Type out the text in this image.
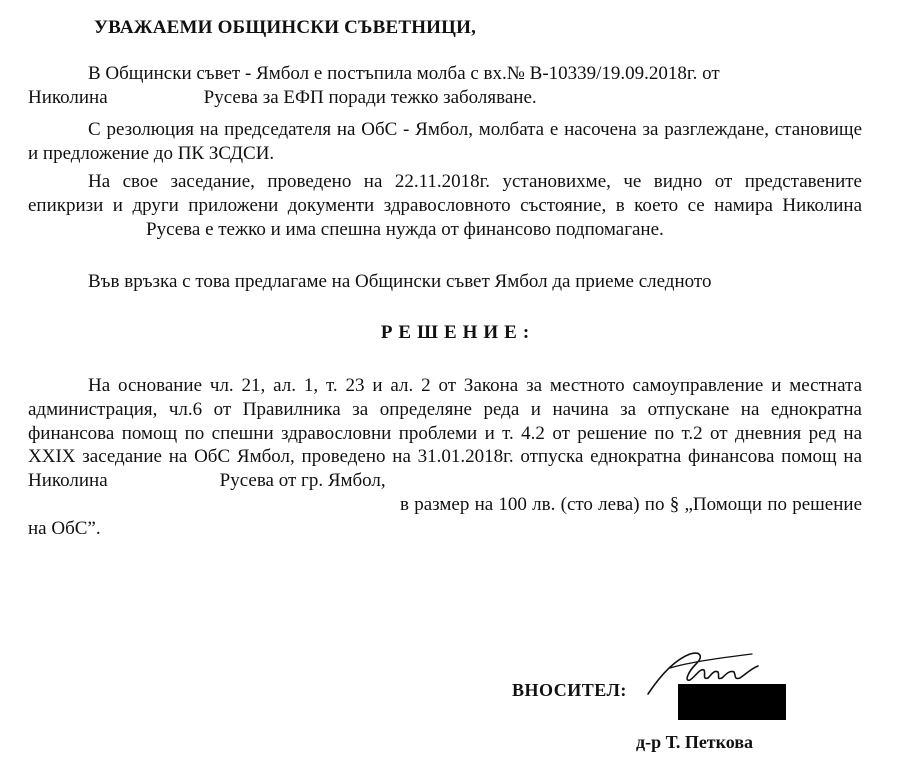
УВАЖАЕМИ ОБЩИНСКИ СЪВЕТНИЦИ,
В Общински съвет - Ямбол е постъпила молба с вх.№ В-10339/19.09.2018г. от
Николина	Русева за ЕФП поради тежко заболяване.
С резолюция на председателя на ОбС - Ямбол, молбата е насочена за разглеждане, становище и предложение до ПК ЗСДСИ.
На свое заседание, проведено на 22.11.2018г. установихме, че видно от представените епикризи и други приложени документи здравословното състояние, в което се намира НиколинаРусева е тежко и има спешна нужда от финансово подпомагане.
Във връзка с това предлагаме на Общински съвет Ямбол да приеме следното
РЕШЕНИЕ:
На основание чл. 21, ал. 1, т. 23 и ал. 2 от Закона за местното самоуправление и местната администрация, чл.6 от Правилника за определяне реда и начина за отпускане на еднократна финансова помощ по спешни здравословни проблеми и т. 4.2 от решение по т.2 от дневния ред на XXIX заседание на ОбС Ямбол, проведено на 31.01.2018г. отпуска еднократна финансова помощ на Николина	Русева от гр. Ямбол,
в размер на 100 лв. (сто лева) по § „Помощи по решение на ОбС”.
ВНОСИТЕЛ:
д-р Т. Петкова
